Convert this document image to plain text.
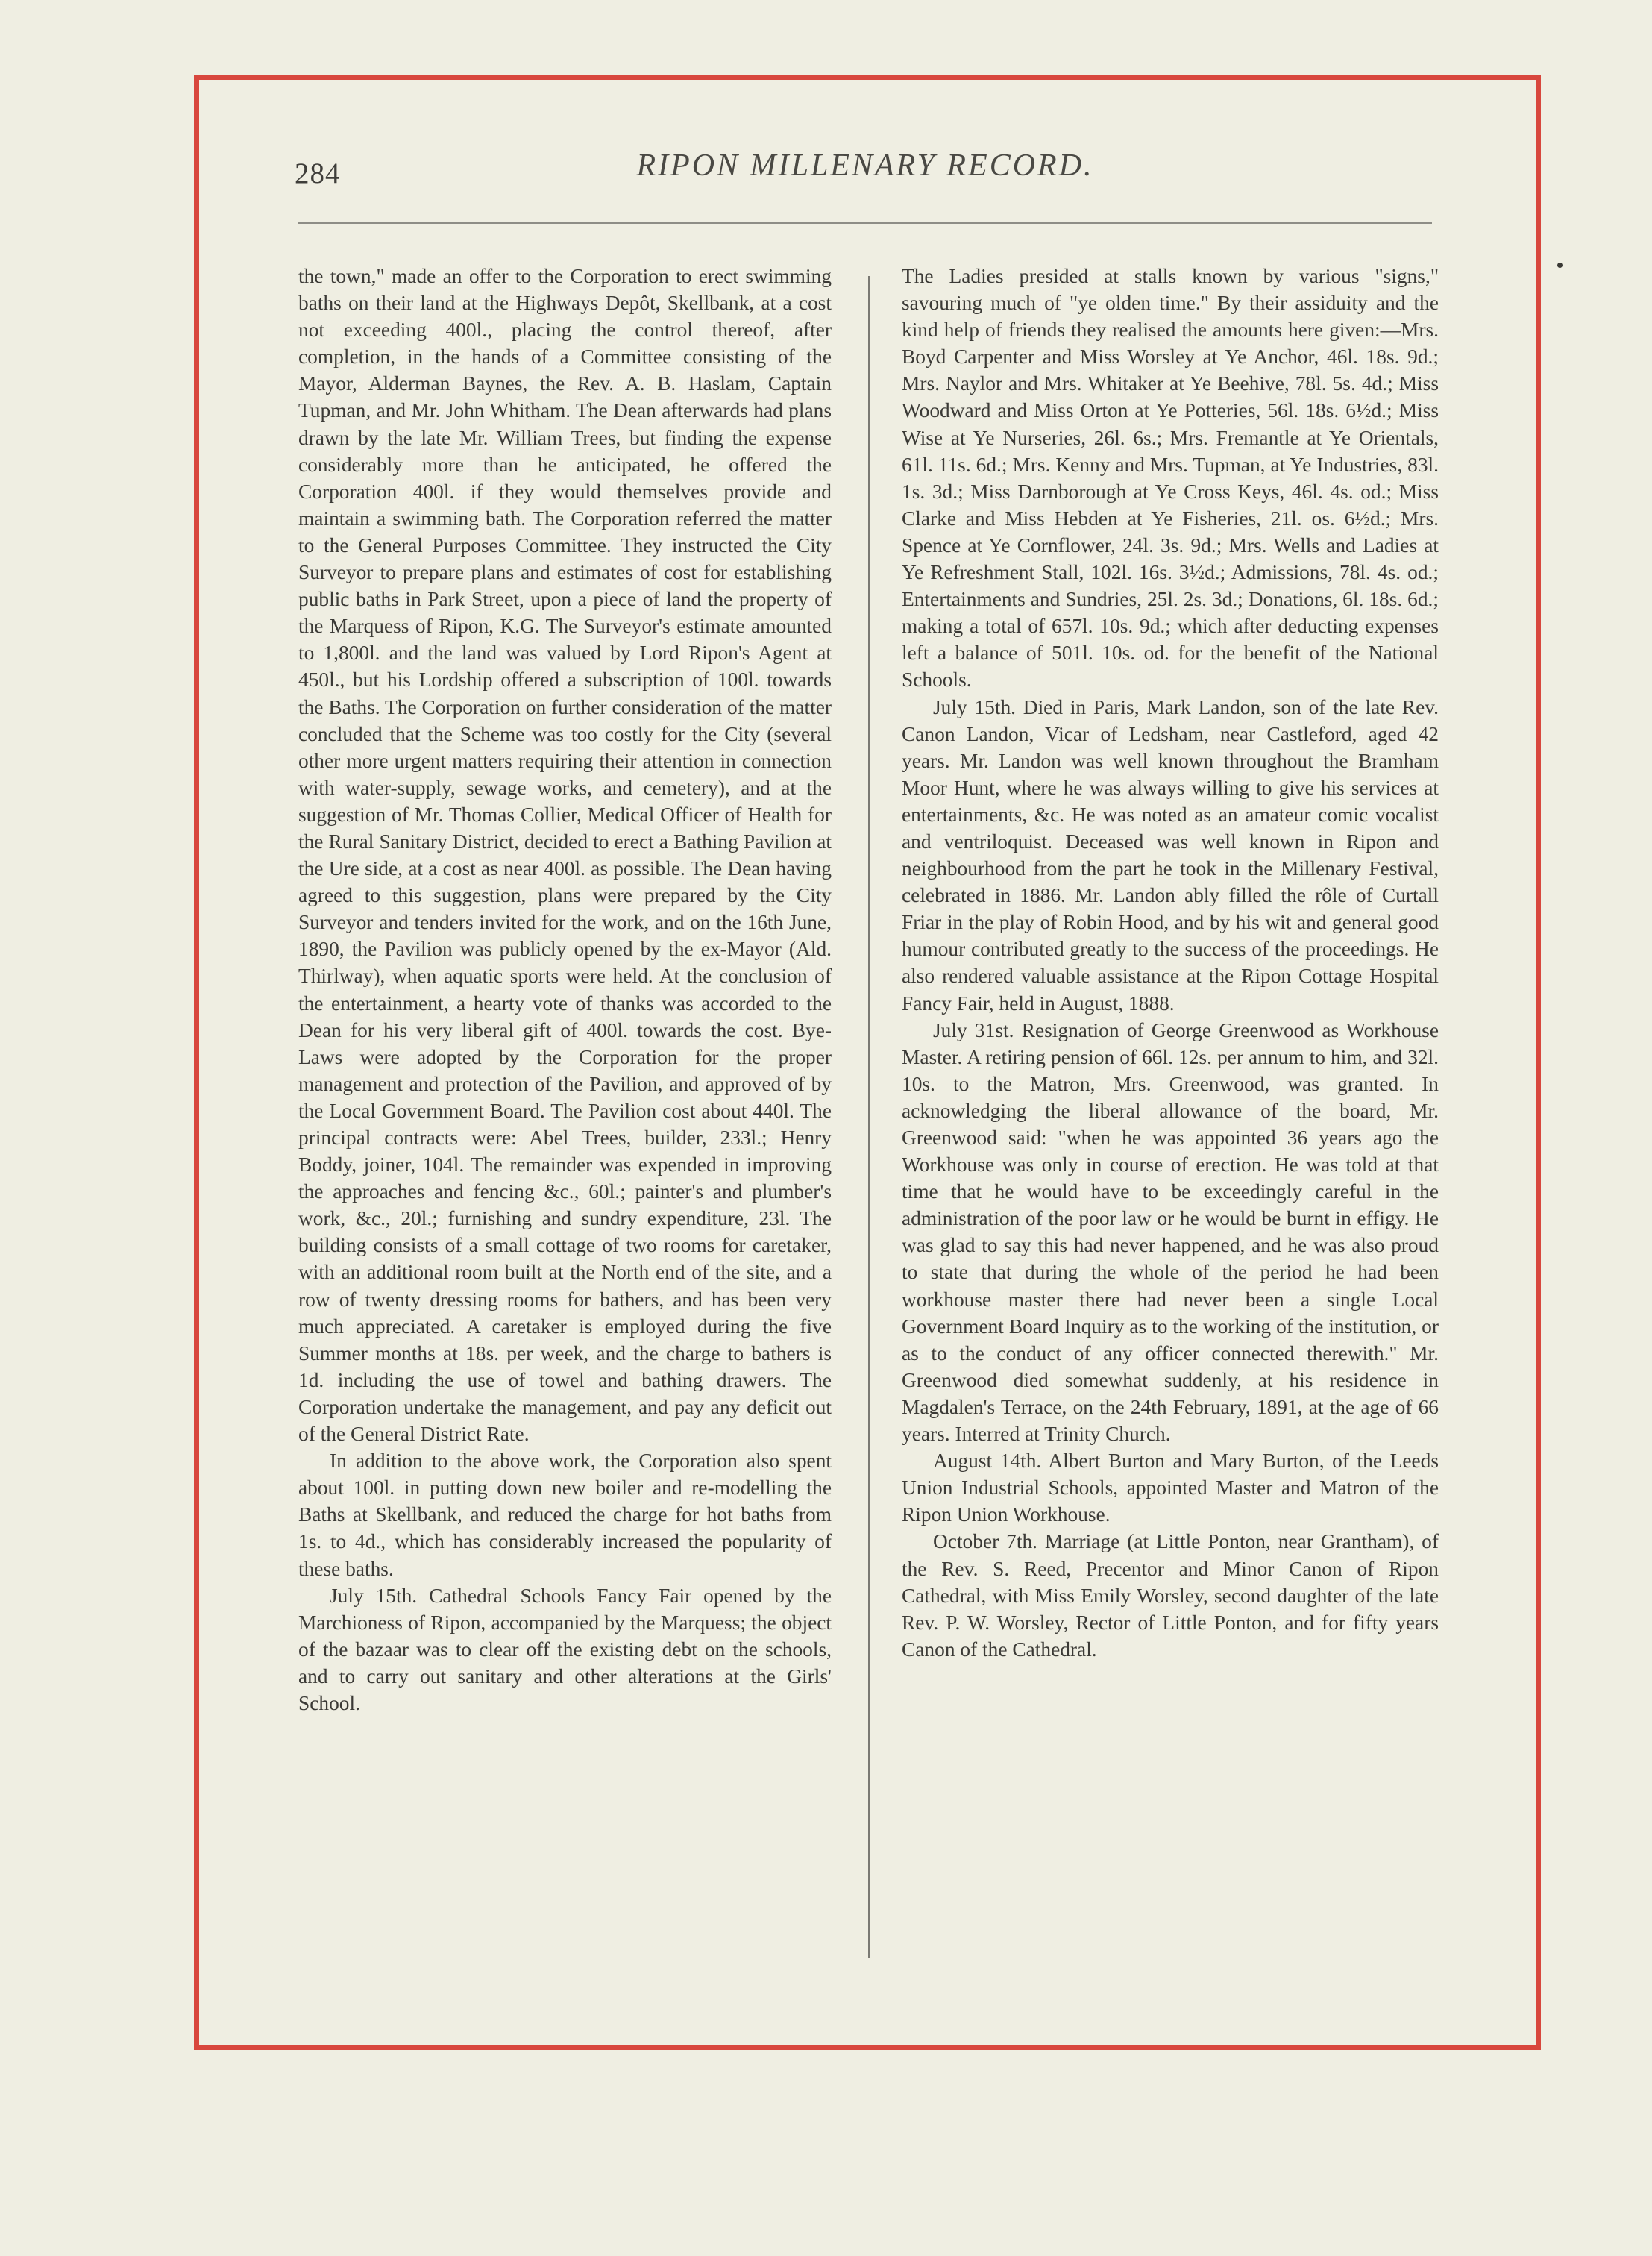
284	RIPON MILLENARY RECORD.

the town," made an offer to the Corporation to erect swimming baths on their land at the Highways Depôt, Skellbank, at a cost not exceeding 400l., placing the control thereof, after completion, in the hands of a Committee consisting of the Mayor, Alderman Baynes, the Rev. A. B. Haslam, Captain Tupman, and Mr. John Whitham. The Dean afterwards had plans drawn by the late Mr. William Trees, but finding the expense considerably more than he anticipated, he offered the Corporation 400l. if they would themselves provide and maintain a swimming bath. The Corporation referred the matter to the General Purposes Committee. They instructed the City Surveyor to prepare plans and estimates of cost for establishing public baths in Park Street, upon a piece of land the property of the Marquess of Ripon, K.G. The Surveyor's estimate amounted to 1,800l. and the land was valued by Lord Ripon's Agent at 450l., but his Lordship offered a subscription of 100l. towards the Baths. The Corporation on further consideration of the matter concluded that the Scheme was too costly for the City (several other more urgent matters requiring their attention in connection with water-supply, sewage works, and cemetery), and at the suggestion of Mr. Thomas Collier, Medical Officer of Health for the Rural Sanitary District, decided to erect a Bathing Pavilion at the Ure side, at a cost as near 400l. as possible. The Dean having agreed to this suggestion, plans were prepared by the City Surveyor and tenders invited for the work, and on the 16th June, 1890, the Pavilion was publicly opened by the ex-Mayor (Ald. Thirlway), when aquatic sports were held. At the conclusion of the entertainment, a hearty vote of thanks was accorded to the Dean for his very liberal gift of 400l. towards the cost. Bye-Laws were adopted by the Corporation for the proper management and protection of the Pavilion, and approved of by the Local Government Board. The Pavilion cost about 440l. The principal contracts were: Abel Trees, builder, 233l.; Henry Boddy, joiner, 104l. The remainder was expended in improving the approaches and fencing &c., 60l.; painter's and plumber's work, &c., 20l.; furnishing and sundry expenditure, 23l. The building consists of a small cottage of two rooms for caretaker, with an additional room built at the North end of the site, and a row of twenty dressing rooms for bathers, and has been very much appreciated. A caretaker is employed during the five Summer months at 18s. per week, and the charge to bathers is 1d. including the use of towel and bathing drawers. The Corporation undertake the management, and pay any deficit out of the General District Rate.

In addition to the above work, the Corporation also spent about 100l. in putting down new boiler and re-modelling the Baths at Skellbank, and reduced the charge for hot baths from 1s. to 4d., which has considerably increased the popularity of these baths.

July 15th. Cathedral Schools Fancy Fair opened by the Marchioness of Ripon, accompanied by the Marquess; the object of the bazaar was to clear off the existing debt on the schools, and to carry out sanitary and other alterations at the Girls' School.

The Ladies presided at stalls known by various "signs," savouring much of "ye olden time." By their assiduity and the kind help of friends they realised the amounts here given:—Mrs. Boyd Carpenter and Miss Worsley at Ye Anchor, 46l. 18s. 9d.; Mrs. Naylor and Mrs. Whitaker at Ye Beehive, 78l. 5s. 4d.; Miss Woodward and Miss Orton at Ye Potteries, 56l. 18s. 6½d.; Miss Wise at Ye Nurseries, 26l. 6s.; Mrs. Fremantle at Ye Orientals, 61l. 11s. 6d.; Mrs. Kenny and Mrs. Tupman, at Ye Industries, 83l. 1s. 3d.; Miss Darnborough at Ye Cross Keys, 46l. 4s. od.; Miss Clarke and Miss Hebden at Ye Fisheries, 21l. os. 6½d.; Mrs. Spence at Ye Cornflower, 24l. 3s. 9d.; Mrs. Wells and Ladies at Ye Refreshment Stall, 102l. 16s. 3½d.; Admissions, 78l. 4s. od.; Entertainments and Sundries, 25l. 2s. 3d.; Donations, 6l. 18s. 6d.; making a total of 657l. 10s. 9d.; which after deducting expenses left a balance of 501l. 10s. od. for the benefit of the National Schools.

July 15th. Died in Paris, Mark Landon, son of the late Rev. Canon Landon, Vicar of Ledsham, near Castleford, aged 42 years. Mr. Landon was well known throughout the Bramham Moor Hunt, where he was always willing to give his services at entertainments, &c. He was noted as an amateur comic vocalist and ventriloquist. Deceased was well known in Ripon and neighbourhood from the part he took in the Millenary Festival, celebrated in 1886. Mr. Landon ably filled the rôle of Curtall Friar in the play of Robin Hood, and by his wit and general good humour contributed greatly to the success of the proceedings. He also rendered valuable assistance at the Ripon Cottage Hospital Fancy Fair, held in August, 1888.

July 31st. Resignation of George Greenwood as Workhouse Master. A retiring pension of 66l. 12s. per annum to him, and 32l. 10s. to the Matron, Mrs. Greenwood, was granted. In acknowledging the liberal allowance of the board, Mr. Greenwood said: "when he was appointed 36 years ago the Workhouse was only in course of erection. He was told at that time that he would have to be exceedingly careful in the administration of the poor law or he would be burnt in effigy. He was glad to say this had never happened, and he was also proud to state that during the whole of the period he had been workhouse master there had never been a single Local Government Board Inquiry as to the working of the institution, or as to the conduct of any officer connected therewith." Mr. Greenwood died somewhat suddenly, at his residence in Magdalen's Terrace, on the 24th February, 1891, at the age of 66 years. Interred at Trinity Church.

August 14th. Albert Burton and Mary Burton, of the Leeds Union Industrial Schools, appointed Master and Matron of the Ripon Union Workhouse.

October 7th. Marriage (at Little Ponton, near Grantham), of the Rev. S. Reed, Precentor and Minor Canon of Ripon Cathedral, with Miss Emily Worsley, second daughter of the late Rev. P. W. Worsley, Rector of Little Ponton, and for fifty years Canon of the Cathedral.
